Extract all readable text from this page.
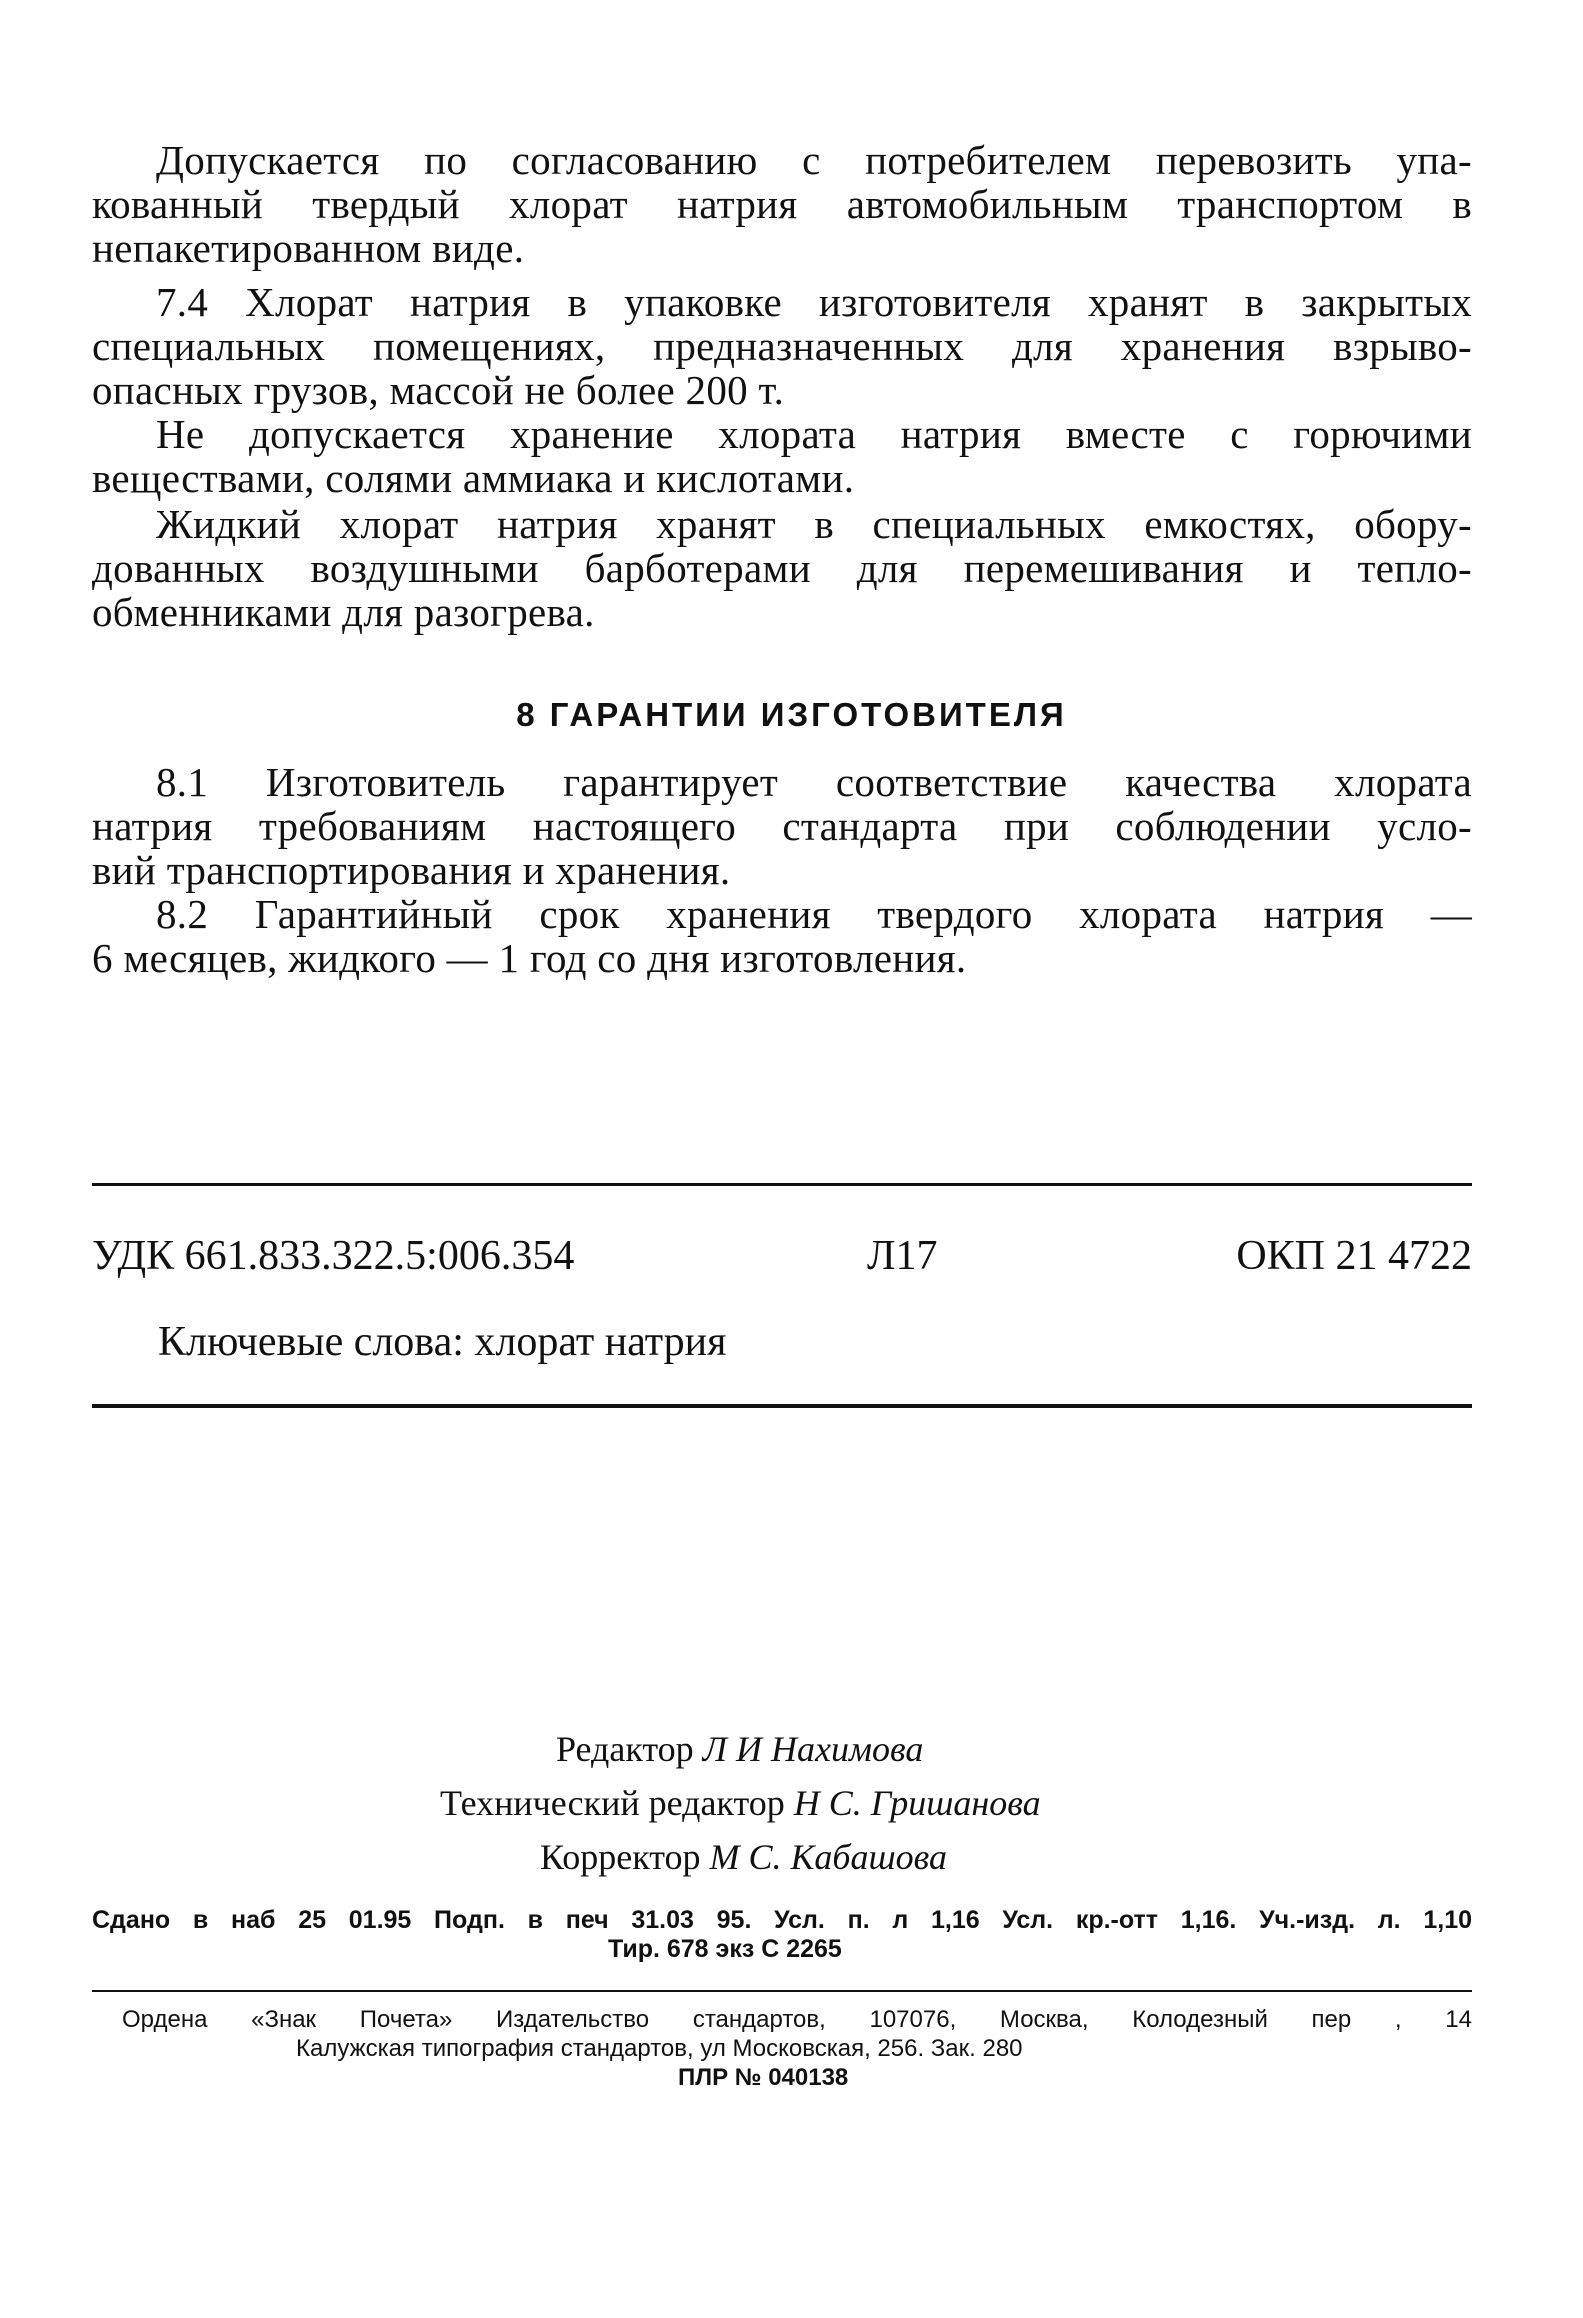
Допускается по согласованию с потребителем перевозить упа-
кованный твердый хлорат натрия автомобильным транспортом в
непакетированном виде.
7.4 Хлорат натрия в упаковке изготовителя хранят в закрытых
специальных помещениях, предназначенных для хранения взрыво-
опасных грузов, массой не более 200 т.
Не допускается хранение хлората натрия вместе с горючими
веществами, солями аммиака и кислотами.
Жидкий хлорат натрия хранят в специальных емкостях, обору-
дованных воздушными барботерами для перемешивания и тепло-
обменниками для разогрева.
8 ГАРАНТИИ ИЗГОТОВИТЕЛЯ
8.1 Изготовитель гарантирует соответствие качества хлората
натрия требованиям настоящего стандарта при соблюдении усло-
вий транспортирования и хранения.
8.2 Гарантийный срок хранения твердого хлората натрия —
6 месяцев, жидкого — 1 год со дня изготовления.
УДК 661.833.322.5:006.354	Л17	ОКП 21 4722
Ключевые слова: хлорат натрия
Редактор Л И Нахимова
Технический редактор Н С. Гришанова
Корректор М С. Кабашова
Сдано в наб 25 01.95 Подп. в печ 31.03 95. Усл. п. л 1,16 Усл. кр.-отт 1,16. Уч.-изд. л. 1,10
Тир. 678 экз С 2265
Ордена «Знак Почета» Издательство стандартов, 107076, Москва, Колодезный пер , 14
Калужская типография стандартов, ул Московская, 256. Зак. 280
ПЛР № 040138
